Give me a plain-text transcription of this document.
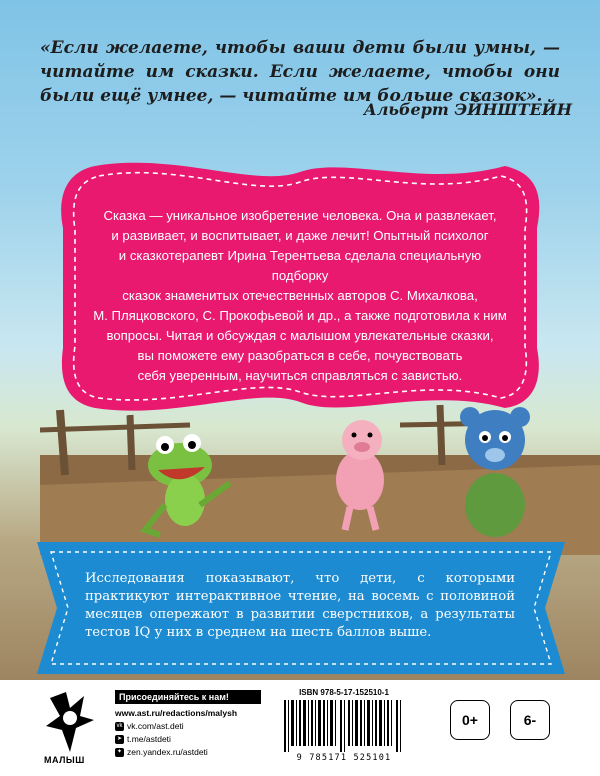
«Если желаете, чтобы ваши дети были умны, — читайте им сказки. Если желаете, чтобы они были ещё умнее, — читайте им больше сказок».
Альберт ЭЙНШТЕЙН
Сказка — уникальное изобретение человека. Она и развлекает,
и развивает, и воспитывает, и даже лечит! Опытный психолог
и сказкотерапевт Ирина Терентьева сделала специальную подборку
сказок знаменитых отечественных авторов С. Михалкова,
М. Пляцковского, С. Прокофьевой и др., а также подготовила к ним
вопросы. Читая и обсуждая с малышом увлекательные сказки,
вы поможете ему разобраться в себе, почувствовать
себя уверенным, научиться справляться с завистью.
Исследования показывают, что дети, с которыми практикуют интерактивное чтение, на восемь с половиной месяцев опережают в развитии сверстников, а результаты тестов IQ у них в среднем на шесть баллов выше.
МАЛЫШ
Присоединяйтесь к нам!
www.ast.ru/redactions/malysh
vk vk.com/ast.deti
➤ t.me/astdeti
✦ zen.yandex.ru/astdeti
ISBN 978-5-17-152510-1
9 785171 525101
0+	6-
